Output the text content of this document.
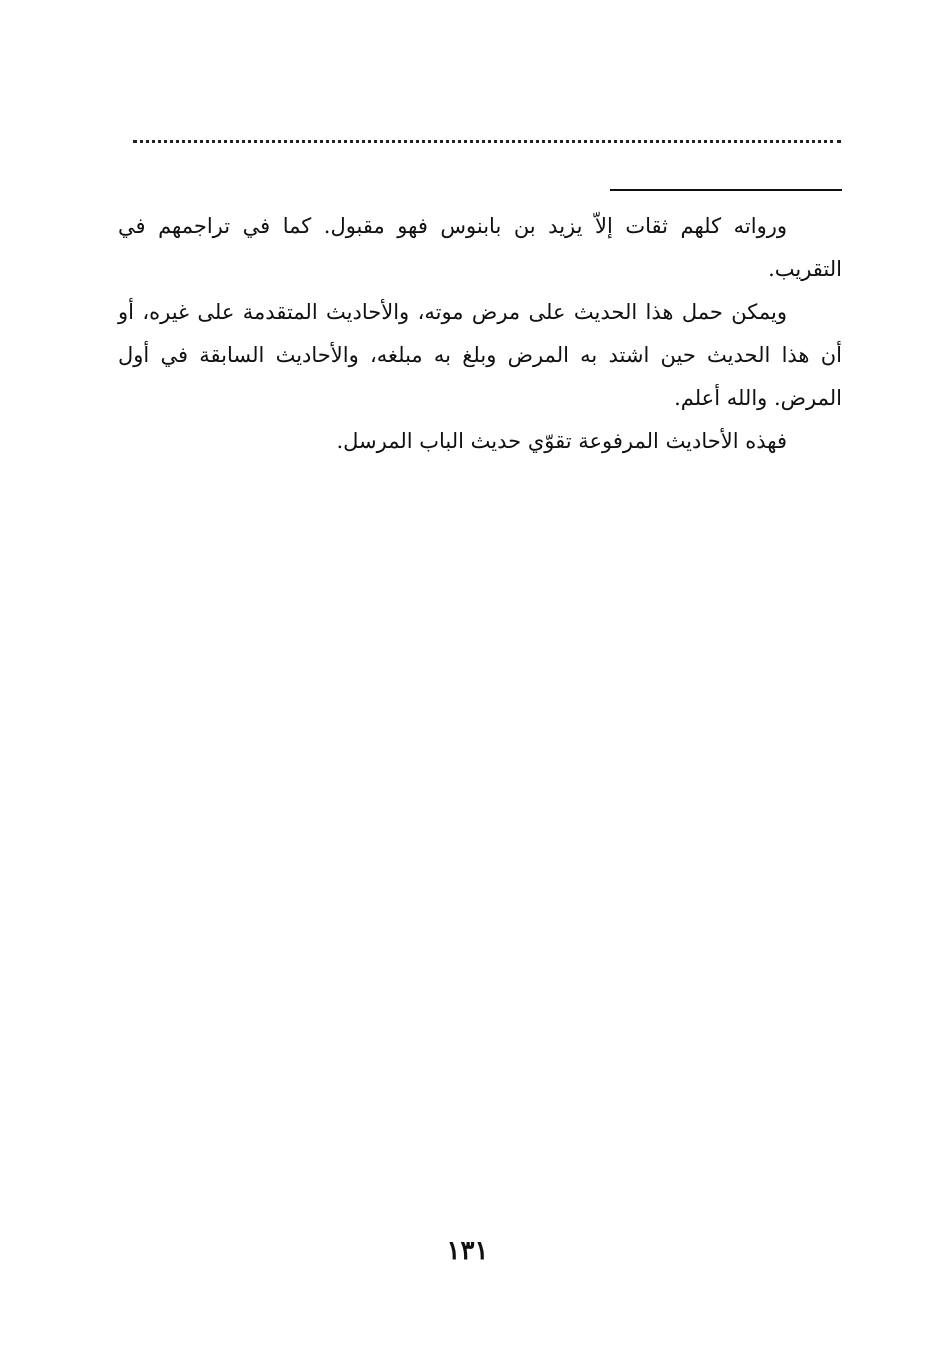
ورواته كلهم ثقات إلاّ يزيد بن بابنوس فهو مقبول. كما في تراجمهم في التقريب.

ويمكن حمل هذا الحديث على مرض موته، والأحاديث المتقدمة على غيره، أو أن هذا الحديث حين اشتد به المرض وبلغ به مبلغه، والأحاديث السابقة في أول المرض. والله أعلم.

فهذه الأحاديث المرفوعة تقوّي حديث الباب المرسل.

١٣١
